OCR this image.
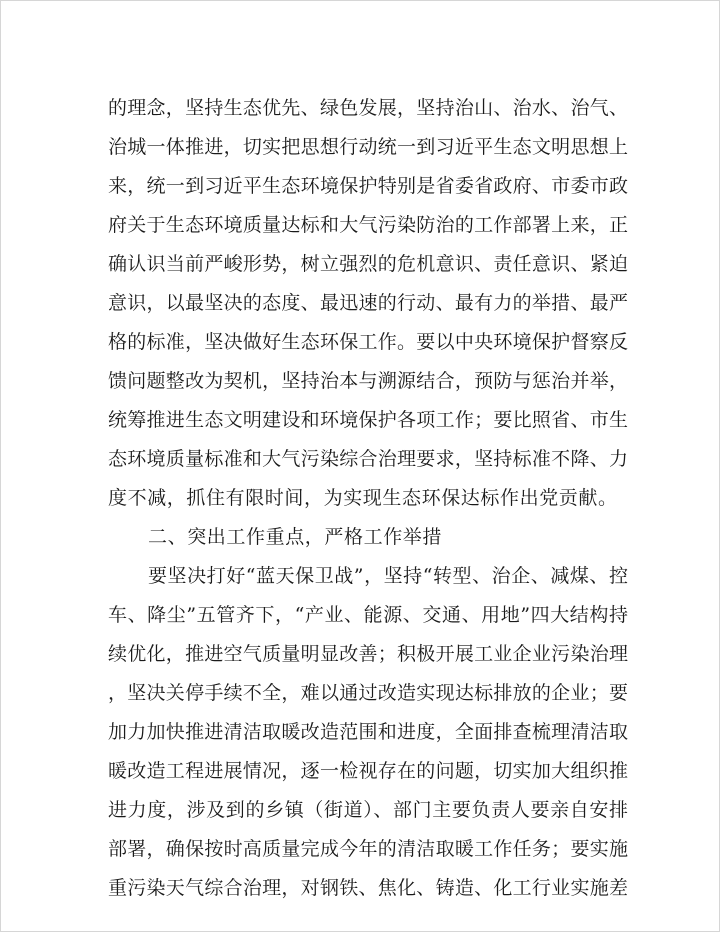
的理念，坚持生态优先、绿色发展，坚持治山、治水、治气、
治城一体推进，切实把思想行动统一到习近平生态文明思想上
来，统一到习近平生态环境保护特别是省委省政府、市委市政
府关于生态环境质量达标和大气污染防治的工作部署上来，正
确认识当前严峻形势，树立强烈的危机意识、责任意识、紧迫
意识，以最坚决的态度、最迅速的行动、最有力的举措、最严
格的标准，坚决做好生态环保工作。要以中央环境保护督察反
馈问题整改为契机，坚持治本与溯源结合，预防与惩治并举，
统筹推进生态文明建设和环境保护各项工作；要比照省、市生
态环境质量标准和大气污染综合治理要求，坚持标准不降、力
度不减，抓住有限时间，为实现生态环保达标作出党贡献。
二、突出工作重点，严格工作举措
要坚决打好“蓝天保卫战”，坚持“转型、治企、减煤、控
车、降尘”五管齐下，“产业、能源、交通、用地”四大结构持
续优化，推进空气质量明显改善；积极开展工业企业污染治理
，坚决关停手续不全，难以通过改造实现达标排放的企业；要
加力加快推进清洁取暖改造范围和进度，全面排查梳理清洁取
暖改造工程进展情况，逐一检视存在的问题，切实加大组织推
进力度，涉及到的乡镇（街道）、部门主要负责人要亲自安排
部署，确保按时高质量完成今年的清洁取暖工作任务；要实施
重污染天气综合治理，对钢铁、焦化、铸造、化工行业实施差
